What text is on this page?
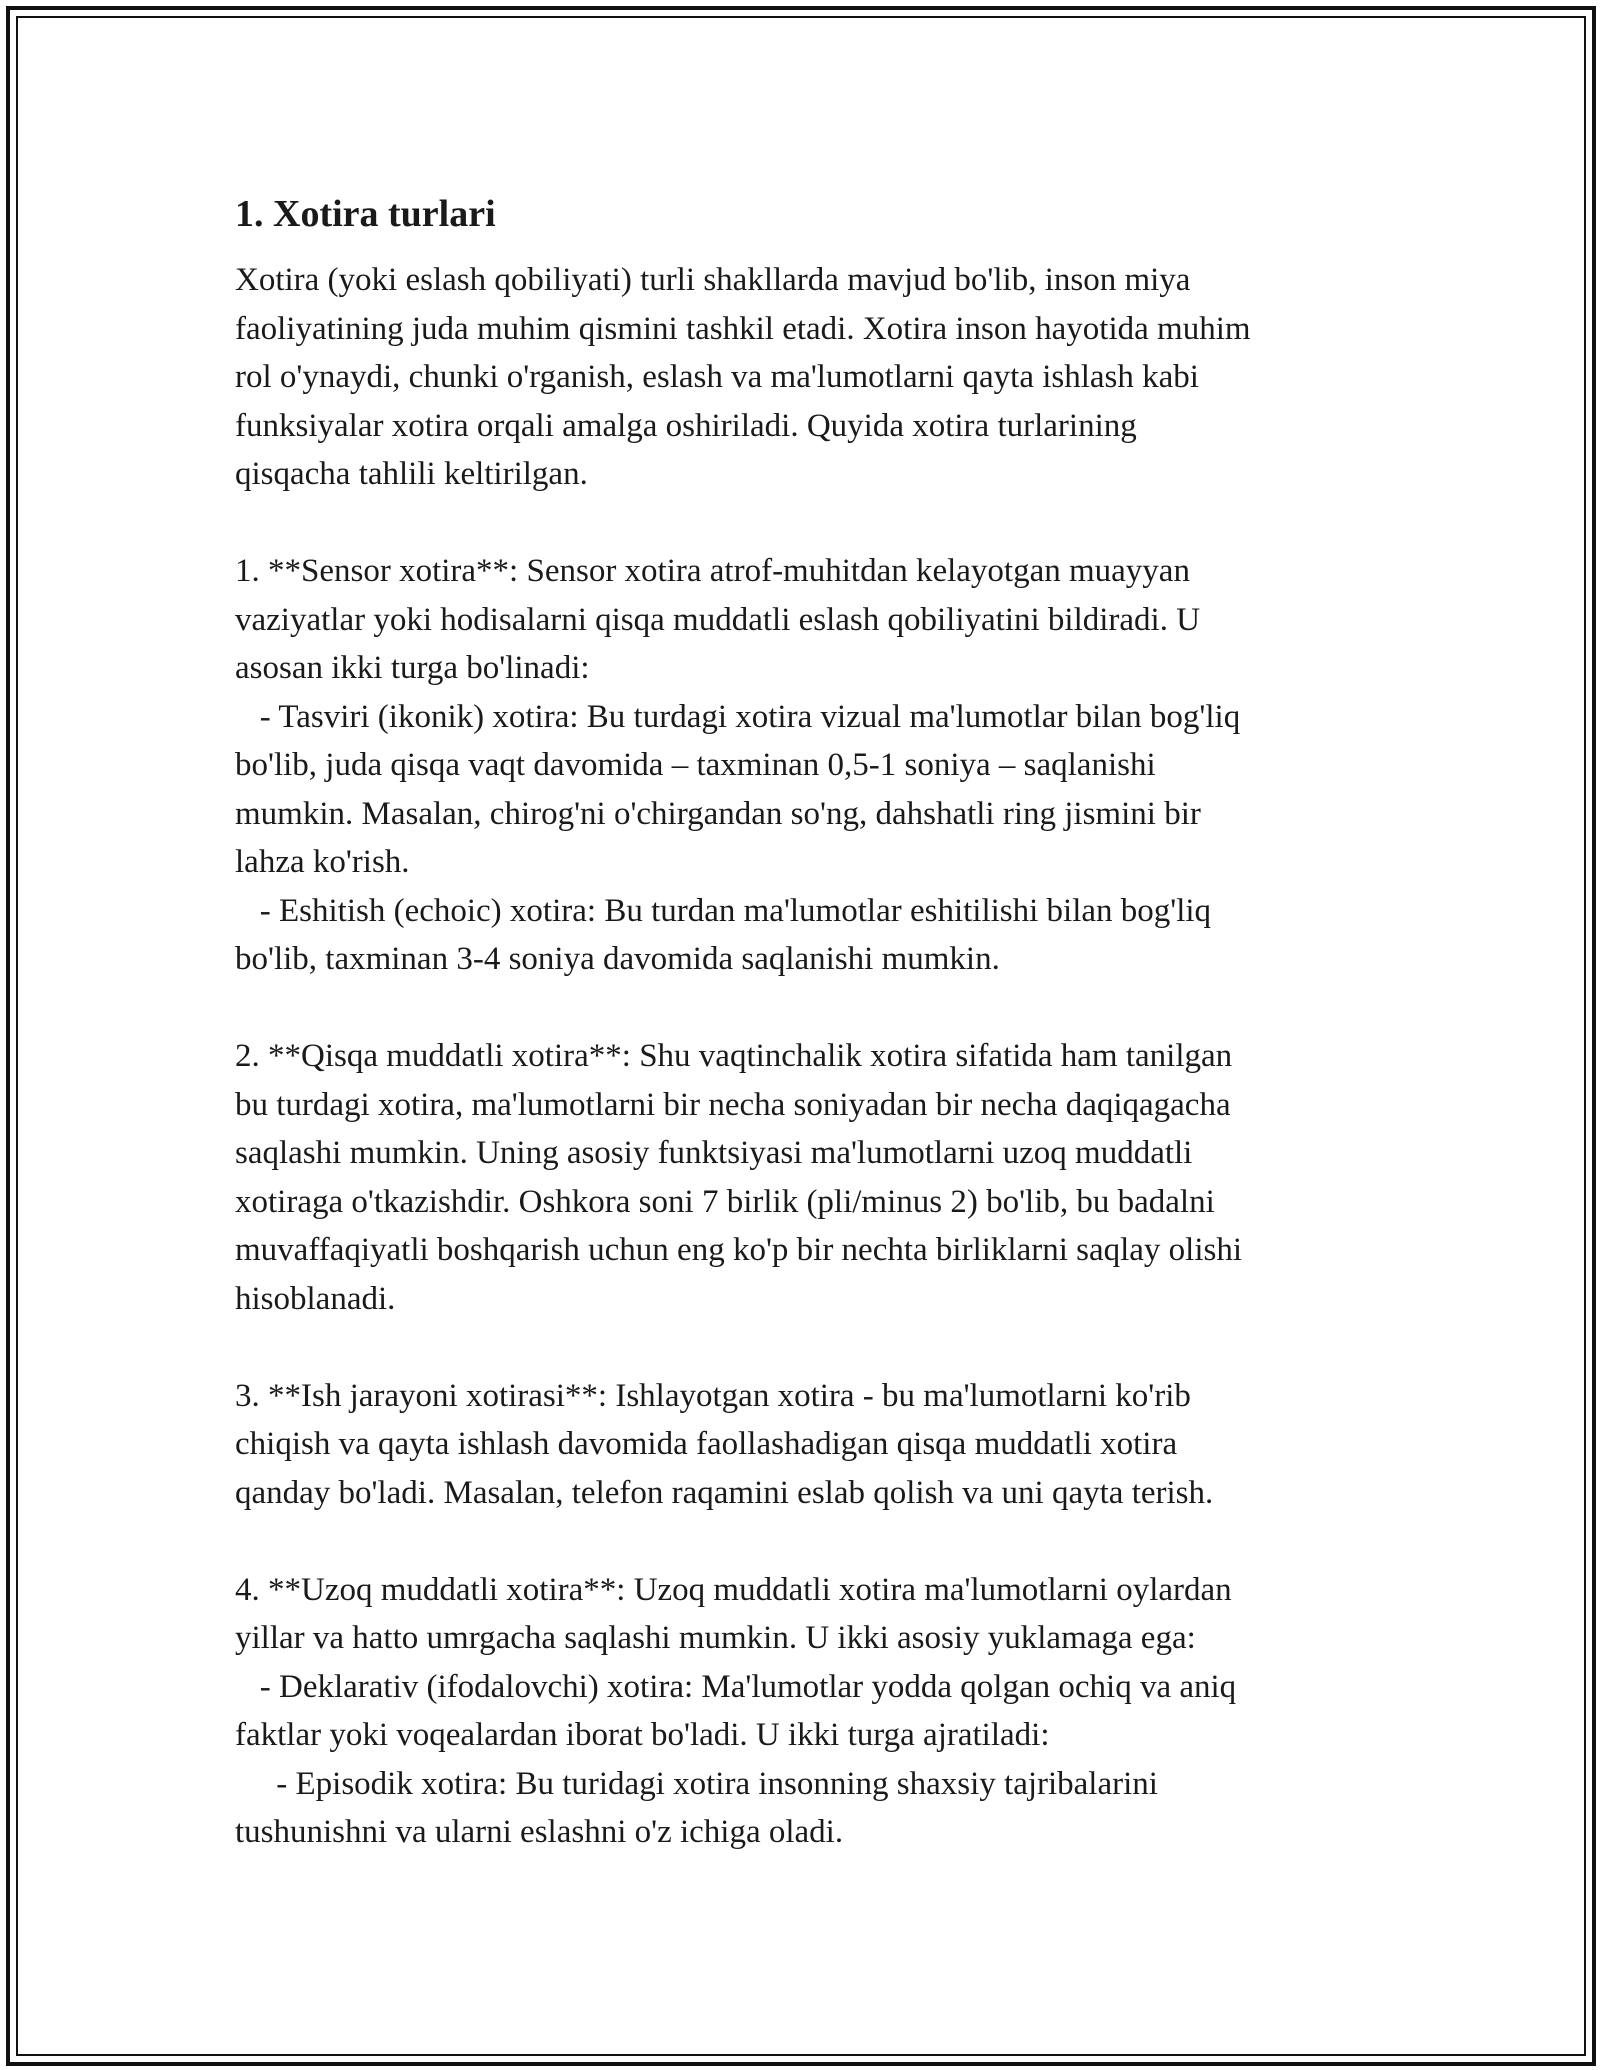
1. Xotira turlari

Xotira (yoki eslash qobiliyati) turli shakllarda mavjud bo'lib, inson miya
faoliyatining juda muhim qismini tashkil etadi. Xotira inson hayotida muhim
rol o'ynaydi, chunki o'rganish, eslash va ma'lumotlarni qayta ishlash kabi
funksiyalar xotira orqali amalga oshiriladi. Quyida xotira turlarining
qisqacha tahlili keltirilgan.

1. **Sensor xotira**: Sensor xotira atrof-muhitdan kelayotgan muayyan
vaziyatlar yoki hodisalarni qisqa muddatli eslash qobiliyatini bildiradi. U
asosan ikki turga bo'linadi:
- Tasviri (ikonik) xotira: Bu turdagi xotira vizual ma'lumotlar bilan bog'liq
bo'lib, juda qisqa vaqt davomida – taxminan 0,5-1 soniya – saqlanishi
mumkin. Masalan, chirog'ni o'chirgandan so'ng, dahshatli ring jismini bir
lahza ko'rish.
- Eshitish (echoic) xotira: Bu turdan ma'lumotlar eshitilishi bilan bog'liq
bo'lib, taxminan 3-4 soniya davomida saqlanishi mumkin.

2. **Qisqa muddatli xotira**: Shu vaqtinchalik xotira sifatida ham tanilgan
bu turdagi xotira, ma'lumotlarni bir necha soniyadan bir necha daqiqagacha
saqlashi mumkin. Uning asosiy funktsiyasi ma'lumotlarni uzoq muddatli
xotiraga o'tkazishdir. Oshkora soni 7 birlik (pli/minus 2) bo'lib, bu badalni
muvaffaqiyatli boshqarish uchun eng ko'p bir nechta birliklarni saqlay olishi
hisoblanadi.

3. **Ish jarayoni xotirasi**: Ishlayotgan xotira - bu ma'lumotlarni ko'rib
chiqish va qayta ishlash davomida faollashadigan qisqa muddatli xotira
qanday bo'ladi. Masalan, telefon raqamini eslab qolish va uni qayta terish.

4. **Uzoq muddatli xotira**: Uzoq muddatli xotira ma'lumotlarni oylardan
yillar va hatto umrgacha saqlashi mumkin. U ikki asosiy yuklamaga ega:
- Deklarativ (ifodalovchi) xotira: Ma'lumotlar yodda qolgan ochiq va aniq
faktlar yoki voqealardan iborat bo'ladi. U ikki turga ajratiladi:
- Episodik xotira: Bu turidagi xotira insonning shaxsiy tajribalarini
tushunishni va ularni eslashni o'z ichiga oladi.
